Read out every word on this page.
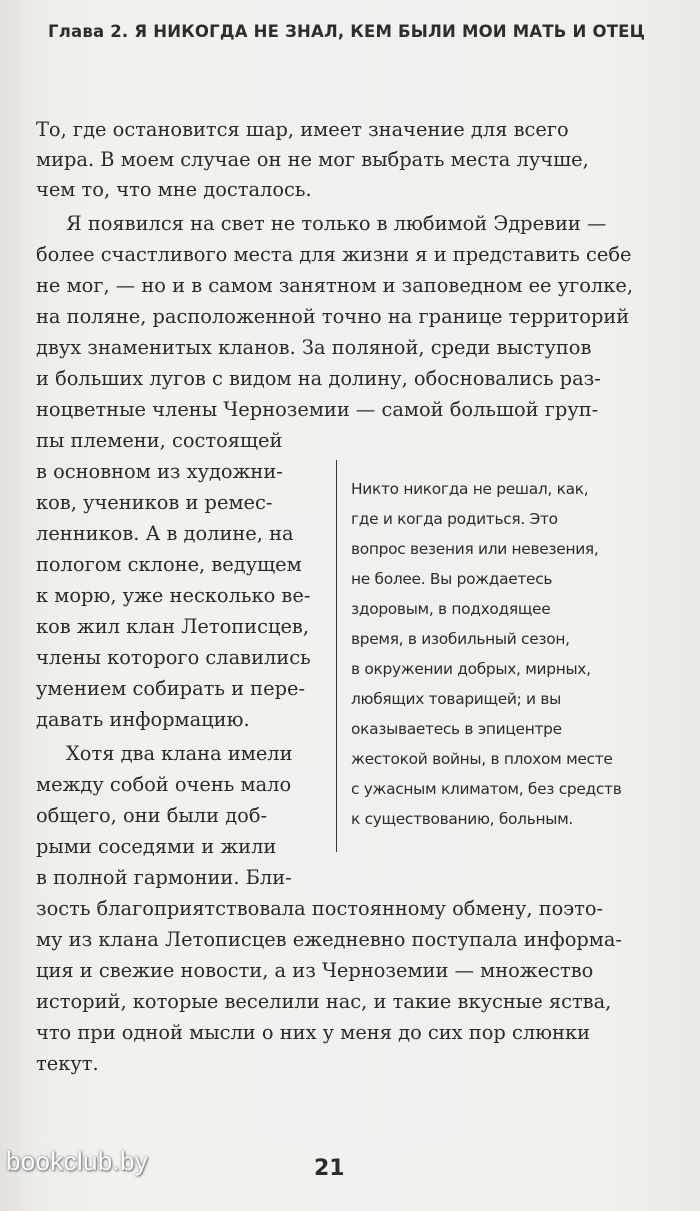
Глава 2. Я НИКОГДА НЕ ЗНАЛ, КЕМ БЫЛИ МОИ МАТЬ И ОТЕЦ
То, где остановится шар, имеет значение для всего
мира. В моем случае он не мог выбрать места лучше,
чем то, что мне досталось.
Я появился на свет не только в любимой Эдревии —
более счастливого места для жизни я и представить себе
не мог, — но и в самом занятном и заповедном ее уголке,
на поляне, расположенной точно на границе территорий
двух знаменитых кланов. За поляной, среди выступов
и больших лугов с видом на долину, обосновались раз-
ноцветные члены Черноземии — самой большой груп-
пы племени, состоящей
в основном из художни-
ков, учеников и ремес-
ленников. А в долине, на
пологом склоне, ведущем
к морю, уже несколько ве-
ков жил клан Летописцев,
члены которого славились
умением собирать и пере-
давать информацию.
Хотя два клана имели
между собой очень мало
общего, они были доб-
рыми соседями и жили
в полной гармонии. Бли-
зость благоприятствовала постоянному обмену, поэто-
му из клана Летописцев ежедневно поступала информа-
ция и свежие новости, а из Черноземии — множество
историй, которые веселили нас, и такие вкусные яства,
что при одной мысли о них у меня до сих пор слюнки
текут.
Никто никогда не решал, как,
где и когда родиться. Это
вопрос везения или невезения,
не более. Вы рождаетесь
здоровым, в подходящее
время, в изобильный сезон,
в окружении добрых, мирных,
любящих товарищей; и вы
оказываетесь в эпицентре
жестокой войны, в плохом месте
с ужасным климатом, без средств
к существованию, больным.
21
bookclub.by
